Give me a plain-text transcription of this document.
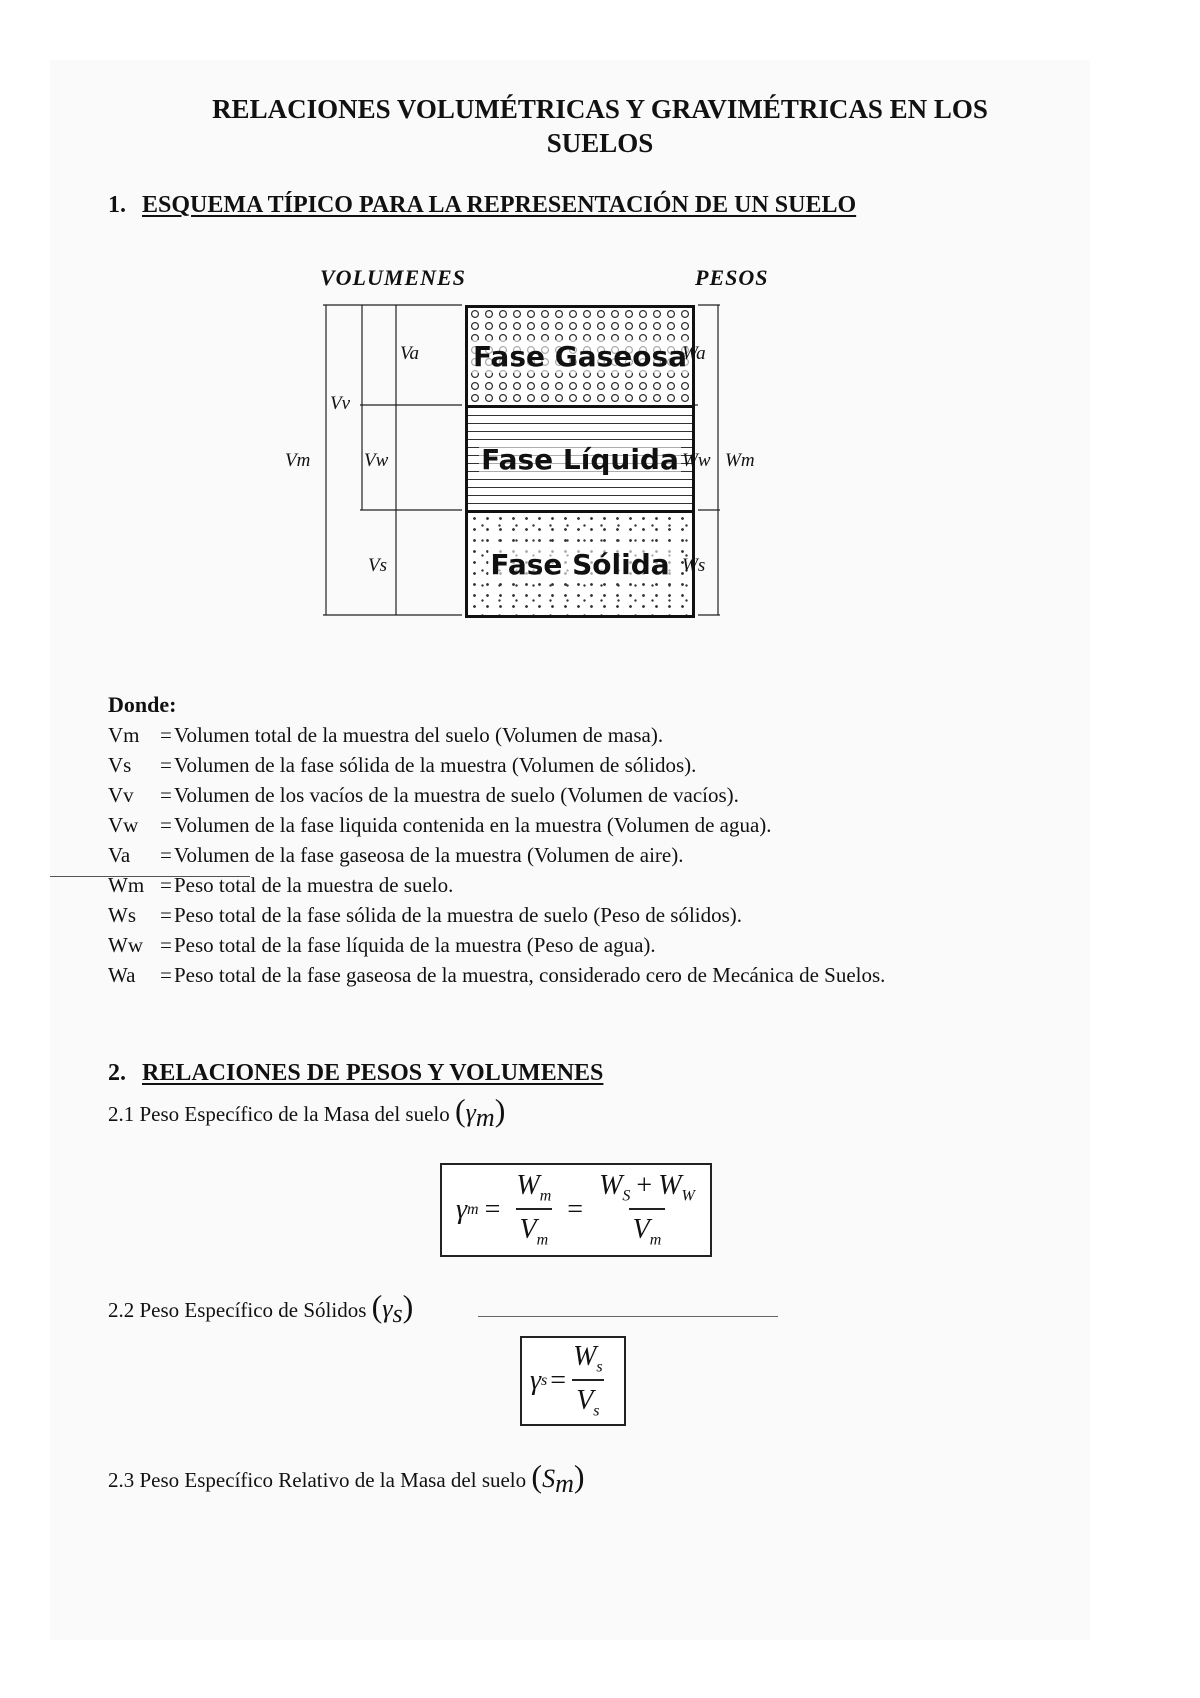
RELACIONES VOLUMÉTRICAS Y GRAVIMÉTRICAS EN LOS
SUELOS
1. ESQUEMA TÍPICO PARA LA REPRESENTACIÓN DE UN SUELO
VOLUMENES	PESOS
Fase Gaseosa
Fase Líquida
Fase Sólida
Va
Vv
Vm	Vw
Vs
Wa
Ww Wm
Ws
Donde:
Vm = Volumen total de la muestra del suelo (Volumen de masa).
Vs	= Volumen de la fase sólida de la muestra (Volumen de sólidos).
Vv	= Volumen de los vacíos de la muestra de suelo (Volumen de vacíos).
Vw	= Volumen de la fase liquida contenida en la muestra (Volumen de agua).
Va	= Volumen de la fase gaseosa de la muestra (Volumen de aire).
Wm = Peso total de la muestra de suelo.
Ws	= Peso total de la fase sólida de la muestra de suelo (Peso de sólidos).
Ww = Peso total de la fase líquida de la muestra (Peso de agua).
Wa	= Peso total de la fase gaseosa de la muestra, considerado cero de Mecánica de Suelos.
2. RELACIONES DE PESOS Y VOLUMENES
2.1 Peso Específico de la Masa del suelo $(\gamma_m)$
γ $m = \frac{W_m}{V_m} = \frac{W_S + W_W}{V_m}$
2.2 Peso Específico de Sólidos $(\gamma_s)$
γ $s = \frac{W_s}{V_s}$
2.3 Peso Específico Relativo de la Masa del suelo $(S_m)$
